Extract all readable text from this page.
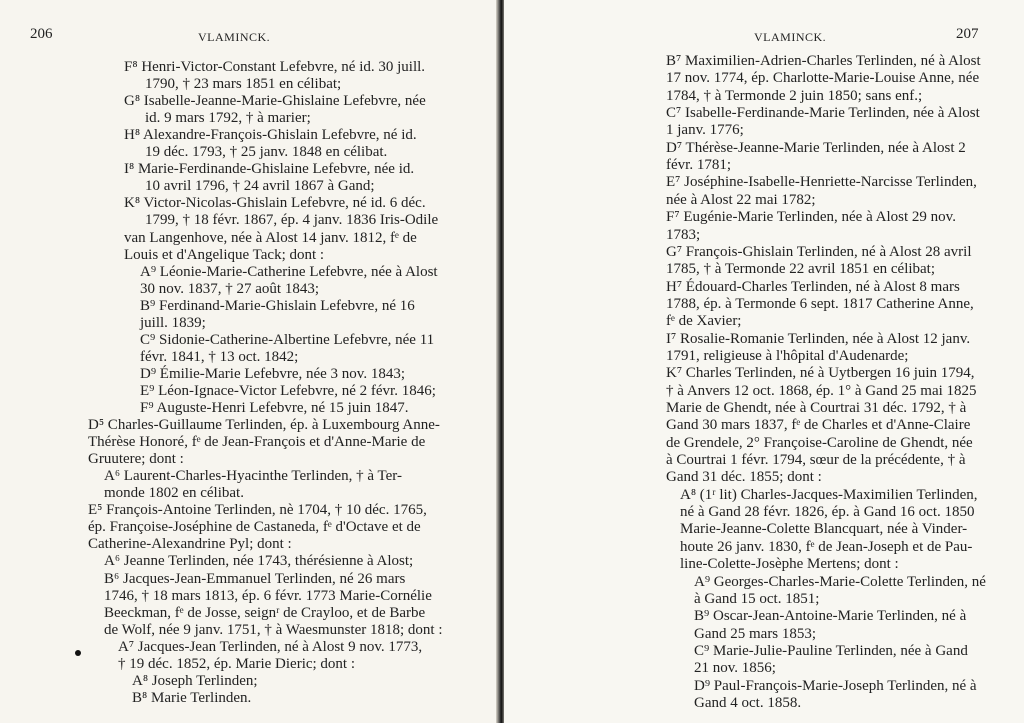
206	VLAMINCK.
F⁸ Henri-Victor-Constant Lefebvre, né id. 30 juill.
1790, † 23 mars 1851 en célibat;
G⁸ Isabelle-Jeanne-Marie-Ghislaine Lefebvre, née
id. 9 mars 1792, † à marier;
H⁸ Alexandre-François-Ghislain Lefebvre, né id.
19 déc. 1793, † 25 janv. 1848 en célibat.
I⁸ Marie-Ferdinande-Ghislaine Lefebvre, née id.
10 avril 1796, † 24 avril 1867 à Gand;
K⁸ Victor-Nicolas-Ghislain Lefebvre, né id. 6 déc.
1799, † 18 févr. 1867, ép. 4 janv. 1836 Iris-Odile
van Langenhove, née à Alost 14 janv. 1812, fᵉ de
Louis et d'Angelique Tack; dont :
A⁹ Léonie-Marie-Catherine Lefebvre, née à Alost
30 nov. 1837, † 27 août 1843;
B⁹ Ferdinand-Marie-Ghislain Lefebvre, né 16
juill. 1839;
C⁹ Sidonie-Catherine-Albertine Lefebvre, née 11
févr. 1841, † 13 oct. 1842;
D⁹ Émilie-Marie Lefebvre, née 3 nov. 1843;
E⁹ Léon-Ignace-Victor Lefebvre, né 2 févr. 1846;
F⁹ Auguste-Henri Lefebvre, né 15 juin 1847.
D⁵ Charles-Guillaume Terlinden, ép. à Luxembourg Anne-
Thérèse Honoré, fᵉ de Jean-François et d'Anne-Marie de
Gruutere; dont :
A⁶ Laurent-Charles-Hyacinthe Terlinden, † à Ter-
monde 1802 en célibat.
E⁵ François-Antoine Terlinden, nè 1704, † 10 déc. 1765,
ép. Françoise-Joséphine de Castaneda, fᵉ d'Octave et de
Catherine-Alexandrine Pyl; dont :
A⁶ Jeanne Terlinden, née 1743, thérésienne à Alost;
B⁶ Jacques-Jean-Emmanuel Terlinden, né 26 mars
1746, † 18 mars 1813, ép. 6 févr. 1773 Marie-Cornélie
Beeckman, fᵉ de Josse, seignʳ de Crayloo, et de Barbe
de Wolf, née 9 janv. 1751, † à Waesmunster 1818; dont :
A⁷ Jacques-Jean Terlinden, né à Alost 9 nov. 1773,
† 19 déc. 1852, ép. Marie Dieric; dont :
A⁸ Joseph Terlinden;
B⁸ Marie Terlinden.
VLAMINCK.	207
B⁷ Maximilien-Adrien-Charles Terlinden, né à Alost
17 nov. 1774, ép. Charlotte-Marie-Louise Anne, née
1784, † à Termonde 2 juin 1850; sans enf.;
C⁷ Isabelle-Ferdinande-Marie Terlinden, née à Alost
1 janv. 1776;
D⁷ Thérèse-Jeanne-Marie Terlinden, née à Alost 2
févr. 1781;
E⁷ Joséphine-Isabelle-Henriette-Narcisse Terlinden,
née à Alost 22 mai 1782;
F⁷ Eugénie-Marie Terlinden, née à Alost 29 nov.
1783;
G⁷ François-Ghislain Terlinden, né à Alost 28 avril
1785, † à Termonde 22 avril 1851 en célibat;
H⁷ Édouard-Charles Terlinden, né à Alost 8 mars
1788, ép. à Termonde 6 sept. 1817 Catherine Anne,
fᵉ de Xavier;
I⁷ Rosalie-Romanie Terlinden, née à Alost 12 janv.
1791, religieuse à l'hôpital d'Audenarde;
K⁷ Charles Terlinden, né à Uytbergen 16 juin 1794,
† à Anvers 12 oct. 1868, ép. 1° à Gand 25 mai 1825
Marie de Ghendt, née à Courtrai 31 déc. 1792, † à
Gand 30 mars 1837, fᵉ de Charles et d'Anne-Claire
de Grendele, 2° Françoise-Caroline de Ghendt, née
à Courtrai 1 févr. 1794, sœur de la précédente, † à
Gand 31 déc. 1855; dont :
A⁸ (1ʳ lit) Charles-Jacques-Maximilien Terlinden,
né à Gand 28 févr. 1826, ép. à Gand 16 oct. 1850
Marie-Jeanne-Colette Blancquart, née à Vinder-
houte 26 janv. 1830, fᵉ de Jean-Joseph et de Pau-
line-Colette-Josèphe Mertens; dont :
A⁹ Georges-Charles-Marie-Colette Terlinden, né
à Gand 15 oct. 1851;
B⁹ Oscar-Jean-Antoine-Marie Terlinden, né à
Gand 25 mars 1853;
C⁹ Marie-Julie-Pauline Terlinden, née à Gand
21 nov. 1856;
D⁹ Paul-François-Marie-Joseph Terlinden, né à
Gand 4 oct. 1858.
